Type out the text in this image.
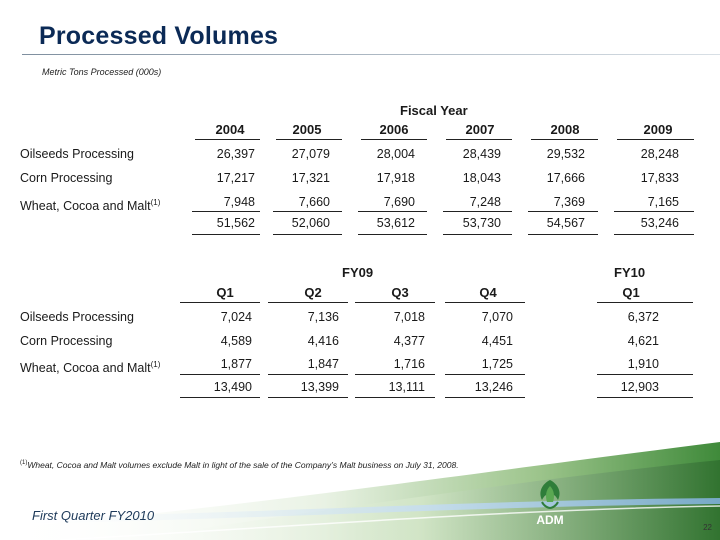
Processed Volumes
Metric Tons Processed (000s)
Fiscal Year
2004	2005	2006	2007	2008	2009
Oilseeds Processing	26,397	27,079	28,004	28,439	29,532	28,248
Corn Processing	17,217	17,321	17,918	18,043	17,666	17,833
Wheat, Cocoa and Malt$^{(1)}$	7,948	7,660	7,690	7,248	7,369	7,165
51,562	52,060	53,612	53,730	54,567	53,246
FY09	FY10
Q1	Q2	Q3	Q4	Q1
Oilseeds Processing	7,024	7,136	7,018	7,070	6,372
Corn Processing	4,589	4,416	4,377	4,451	4,621
Wheat, Cocoa and Malt$^{(1)}$	1,877	1,847	1,716	1,725	1,910
13,490	13,399	13,111	13,246	12,903
$^{(1)}$Wheat, Cocoa and Malt volumes exclude Malt in light of the sale of the Company’s Malt business on July 31, 2008.
First Quarter FY2010	ADM
22
